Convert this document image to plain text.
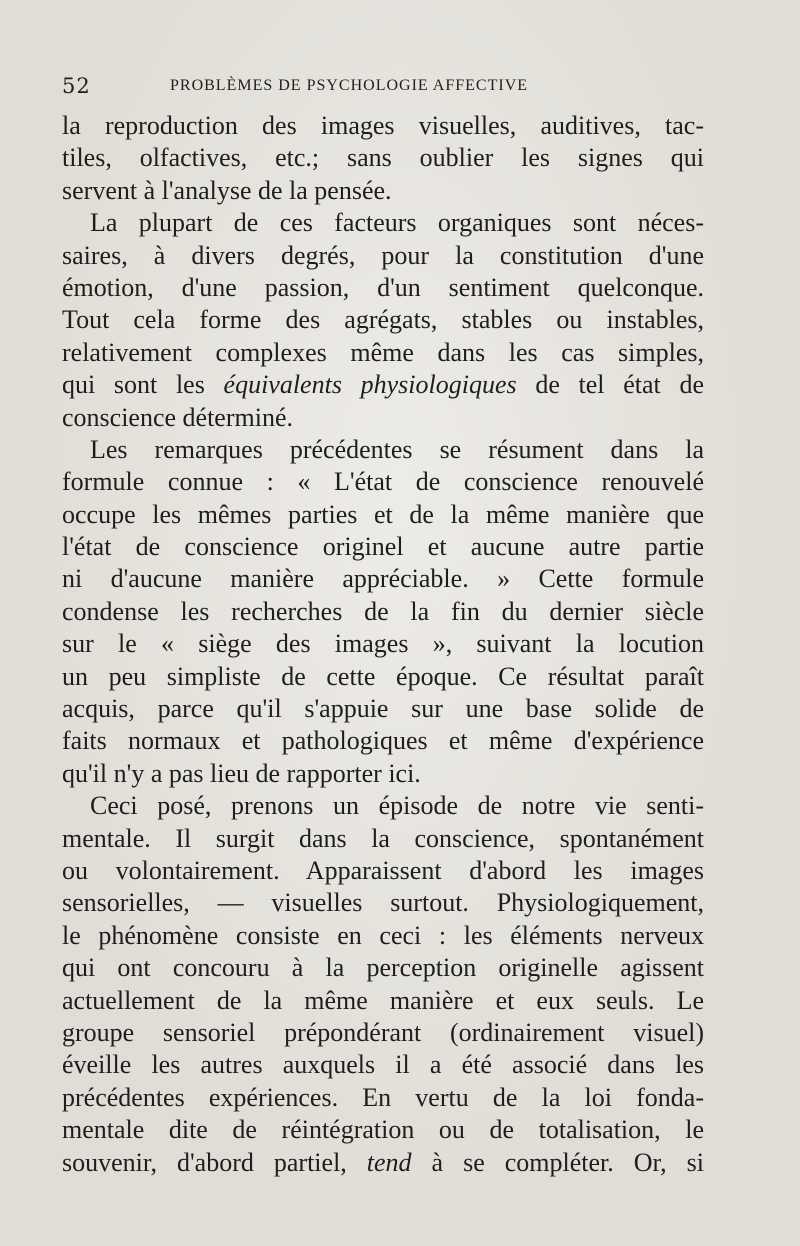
52	PROBLÈMES DE PSYCHOLOGIE AFFECTIVE
la reproduction des images visuelles, auditives, tac-
tiles, olfactives, etc.; sans oublier les signes qui
servent à l'analyse de la pensée.
La plupart de ces facteurs organiques sont néces-
saires, à divers degrés, pour la constitution d'une
émotion, d'une passion, d'un sentiment quelconque.
Tout cela forme des agrégats, stables ou instables,
relativement complexes même dans les cas simples,
qui sont les équivalents physiologiques de tel état de
conscience déterminé.
Les remarques précédentes se résument dans la
formule connue : « L'état de conscience renouvelé
occupe les mêmes parties et de la même manière que
l'état de conscience originel et aucune autre partie
ni d'aucune manière appréciable. » Cette formule
condense les recherches de la fin du dernier siècle
sur le « siège des images », suivant la locution
un peu simpliste de cette époque. Ce résultat paraît
acquis, parce qu'il s'appuie sur une base solide de
faits normaux et pathologiques et même d'expérience
qu'il n'y a pas lieu de rapporter ici.
Ceci posé, prenons un épisode de notre vie senti-
mentale. Il surgit dans la conscience, spontanément
ou volontairement. Apparaissent d'abord les images
sensorielles, — visuelles surtout. Physiologiquement,
le phénomène consiste en ceci : les éléments nerveux
qui ont concouru à la perception originelle agissent
actuellement de la même manière et eux seuls. Le
groupe sensoriel prépondérant (ordinairement visuel)
éveille les autres auxquels il a été associé dans les
précédentes expériences. En vertu de la loi fonda-
mentale dite de réintégration ou de totalisation, le
souvenir, d'abord partiel, tend à se compléter. Or, si
